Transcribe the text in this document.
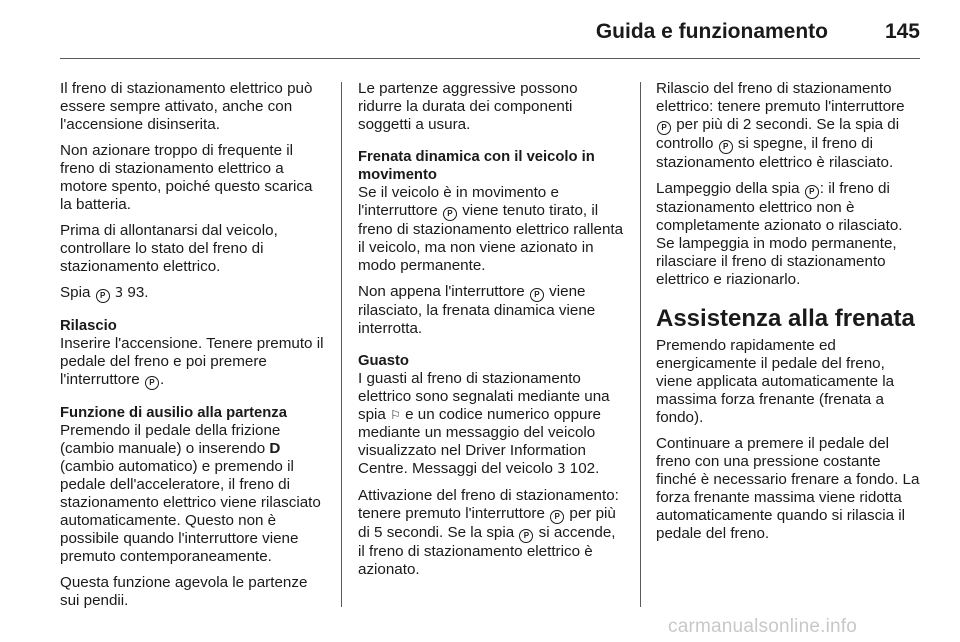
Guida e funzionamento	145

Il freno di stazionamento elettrico può essere sempre attivato, anche con l'accensione disinserita.

Non azionare troppo di frequente il freno di stazionamento elettrico a motore spento, poiché questo scarica la batteria.

Prima di allontanarsi dal veicolo, controllare lo stato del freno di stazionamento elettrico.

Spia P 3 93.

Rilascio

Inserire l'accensione. Tenere premuto il pedale del freno e poi premere l'interruttore P .

Funzione di ausilio alla partenza

Premendo il pedale della frizione (cambio manuale) o inserendo D (cambio automatico) e premendo il pedale dell'acceleratore, il freno di stazionamento elettrico viene rilasciato automaticamente. Questo non è possibile quando l'interruttore viene premuto contemporaneamente.

Questa funzione agevola le partenze sui pendii.

Le partenze aggressive possono ridurre la durata dei componenti soggetti a usura.

Frenata dinamica con il veicolo in movimento

Se il veicolo è in movimento e l'interruttore P viene tenuto tirato, il freno di stazionamento elettrico rallenta il veicolo, ma non viene azionato in modo permanente.

Non appena l'interruttore P viene rilasciato, la frenata dinamica viene interrotta.

Guasto

I guasti al freno di stazionamento elettrico sono segnalati mediante una spia ⚐ e un codice numerico oppure mediante un messaggio del veicolo visualizzato nel Driver Information Centre. Messaggi del veicolo 3 102.

Attivazione del freno di stazionamento: tenere premuto l'interruttore P per più di 5 secondi. Se la spia P si accende, il freno di stazionamento elettrico è azionato.

Rilascio del freno di stazionamento elettrico: tenere premuto l'interruttore P per più di 2 secondi. Se la spia di controllo P si spegne, il freno di stazionamento elettrico è rilasciato.

Lampeggio della spia P : il freno di stazionamento elettrico non è completamente azionato o rilasciato. Se lampeggia in modo permanente, rilasciare il freno di stazionamento elettrico e riazionarlo.

Assistenza alla frenata

Premendo rapidamente ed energicamente il pedale del freno, viene applicata automaticamente la massima forza frenante (frenata a fondo).

Continuare a premere il pedale del freno con una pressione costante finché è necessario frenare a fondo. La forza frenante massima viene ridotta automaticamente quando si rilascia il pedale del freno.

carmanualsonline.info
